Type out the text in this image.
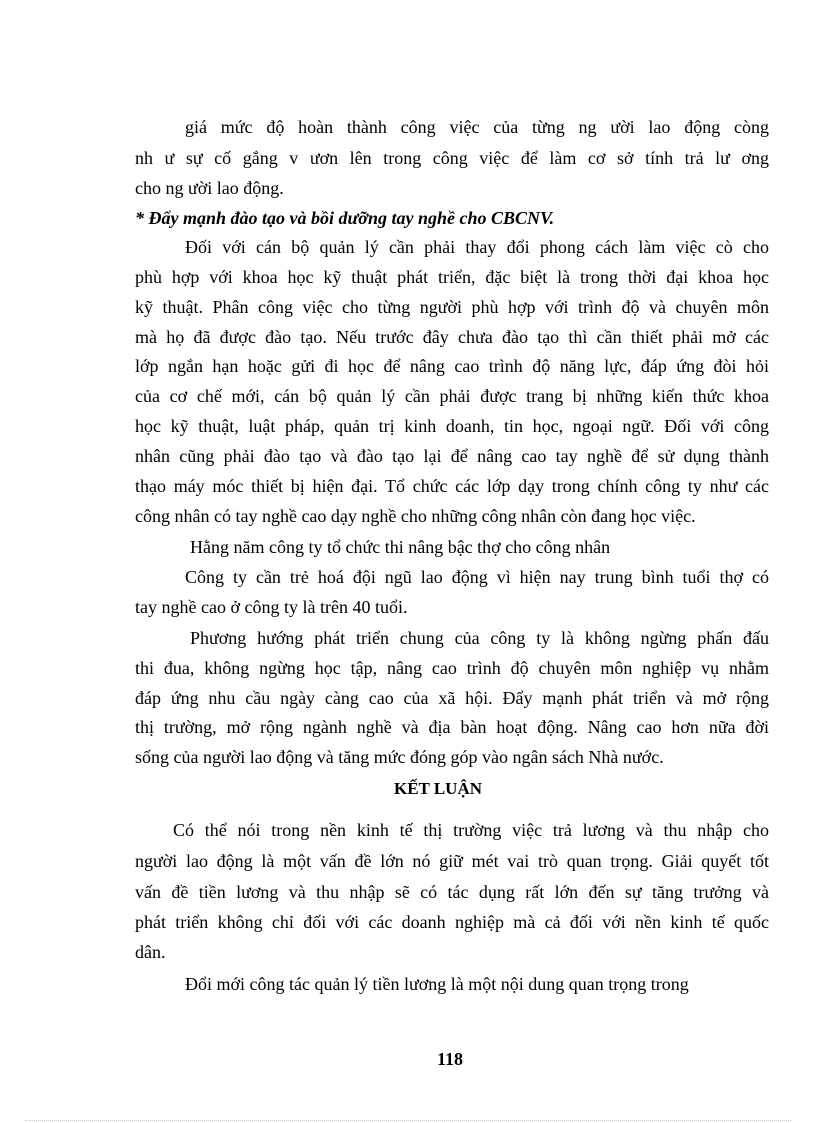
giá mức độ hoàn thành công việc của từng ng ười lao động còng
nh ư sự cố gắng v ươn lên trong công việc để làm cơ sở tính trả lư ơng
cho ng ười lao động.
* Đẩy mạnh đào tạo và bồi dưỡng tay nghề cho CBCNV.
Đối với cán bộ quản lý cần phải thay đổi phong cách làm việc cò cho
phù hợp với khoa học kỹ thuật phát triển, đặc biệt là trong thời đại khoa học
kỹ thuật. Phân công việc cho từng người phù hợp với trình độ và chuyên môn
mà họ đã được đào tạo. Nếu trước đây chưa đào tạo thì cần thiết phải mở các
lớp ngắn hạn hoặc gửi đi học để nâng cao trình độ năng lực, đáp ứng đòi hỏi
của cơ chế mới, cán bộ quản lý cần phải được trang bị những kiến thức khoa
học kỹ thuật, luật pháp, quản trị kinh doanh, tin học, ngoại ngữ. Đối với công
nhân cũng phải đào tạo và đào tạo lại để nâng cao tay nghề để sử dụng thành
thạo máy móc thiết bị hiện đại. Tổ chức các lớp dạy trong chính công ty như các
công nhân có tay nghề cao dạy nghề cho những công nhân còn đang học việc.
Hằng năm công ty tổ chức thi nâng bậc thợ cho công nhân
Công ty cần trẻ hoá đội ngũ lao động vì hiện nay trung bình tuổi thợ có
tay nghề cao ở công ty là trên 40 tuổi.
Phương hướng phát triển chung của công ty là không ngừng phấn đấu
thi đua, không ngừng học tập, nâng cao trình độ chuyên môn nghiệp vụ nhằm
đáp ứng nhu cầu ngày càng cao của xã hội. Đẩy mạnh phát triển và mở rộng
thị trường, mở rộng ngành nghề và địa bàn hoạt động. Nâng cao hơn nữa đời
sống của người lao động và tăng mức đóng góp vào ngân sách Nhà nước.
KẾT LUẬN
Có thể nói trong nền kinh tế thị trường việc trả lương và thu nhập cho
người lao động là một vấn đề lớn nó giữ mét vai trò quan trọng. Giải quyết tốt
vấn đề tiền lương và thu nhập sẽ có tác dụng rất lớn đến sự tăng trưởng và
phát triển không chỉ đối với các doanh nghiệp mà cả đối với nền kinh tế quốc
dân.
Đổi mới công tác quản lý tiền lương là một nội dung quan trọng trong
118
